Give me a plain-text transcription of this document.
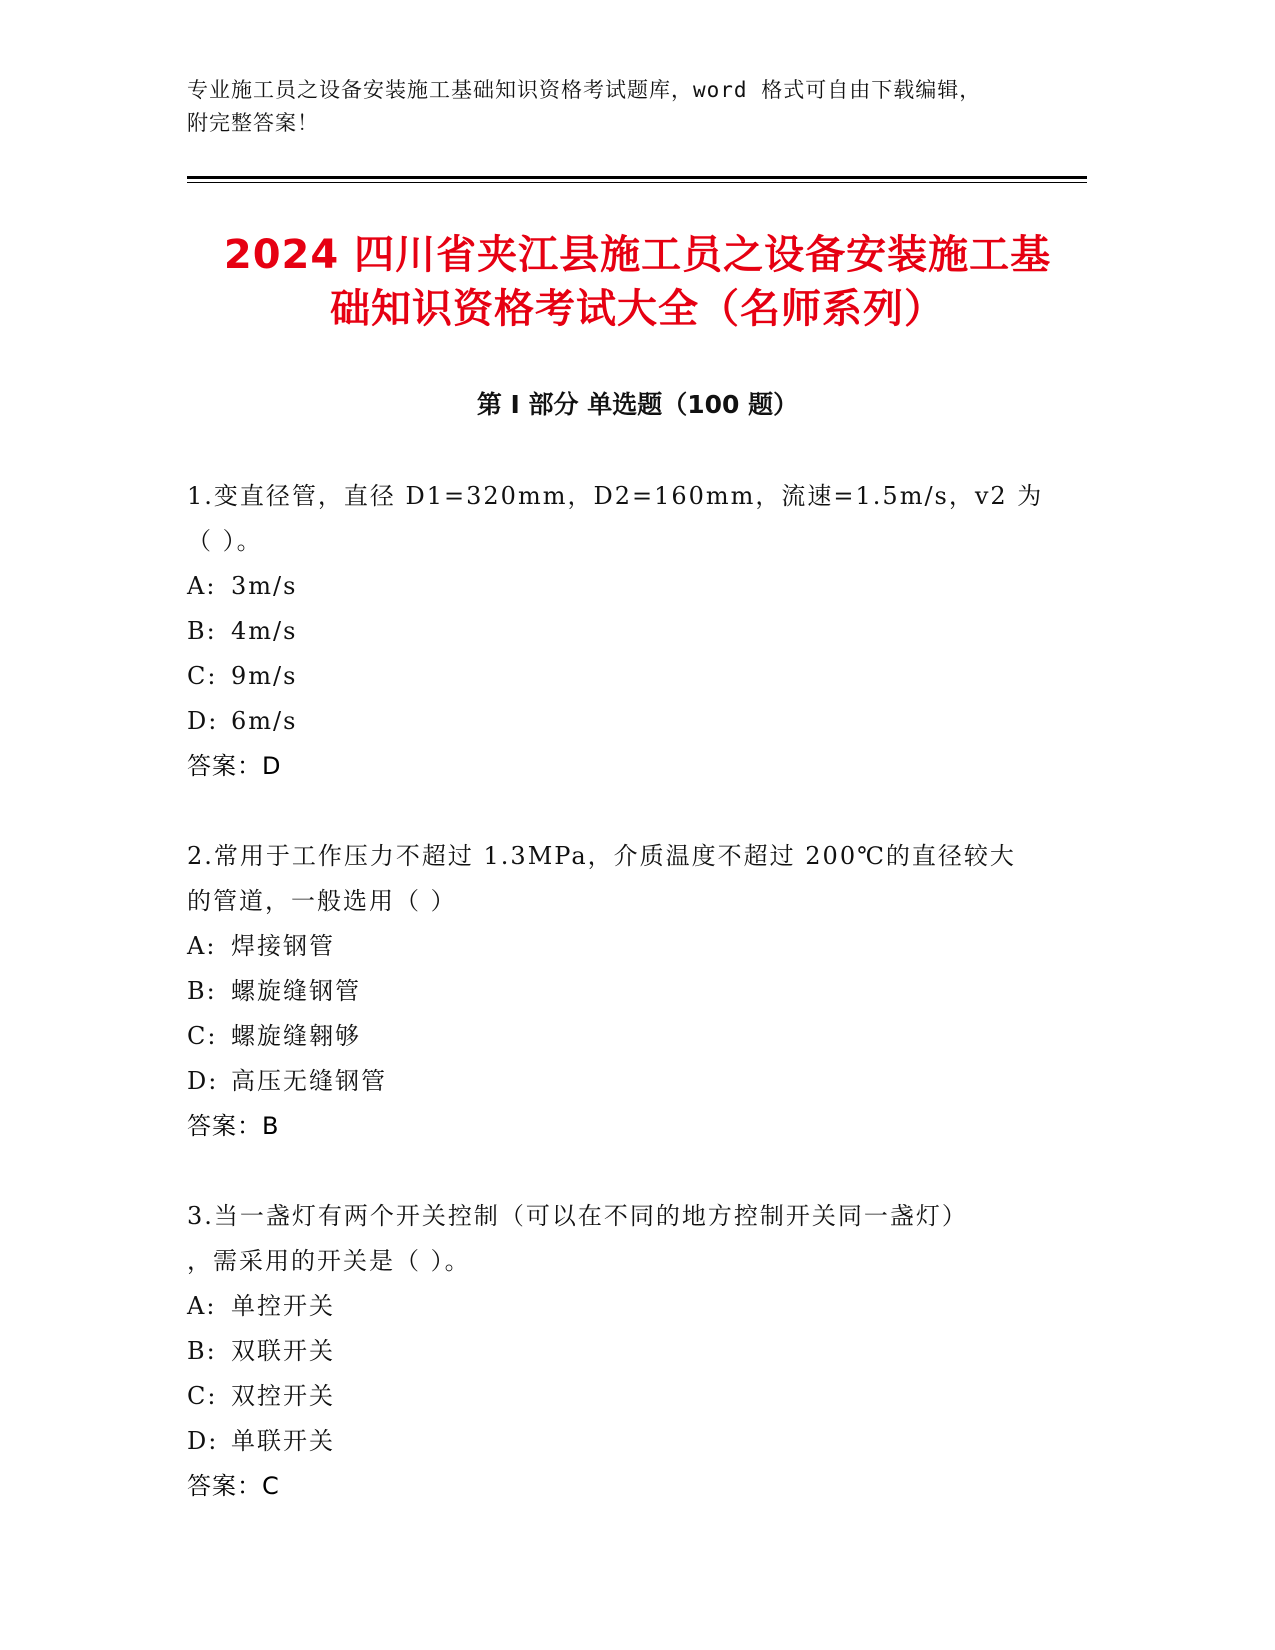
专业施工员之设备安装施工基础知识资格考试题库，word 格式可自由下载编辑，
附完整答案！
2024 四川省夹江县施工员之设备安装施工基
础知识资格考试大全（名师系列）
第 I 部分 单选题（100 题）
1.变直径管，直径 D1=320mm，D2=160mm，流速=1.5m/s，v2 为（ ）。
A: 3m/s
B: 4m/s
C: 9m/s
D: 6m/s
答案：D
2.常用于工作压力不超过 1.3MPa，介质温度不超过 200℃的直径较大
的管道，一般选用（ ）
A: 焊接钢管
B: 螺旋缝钢管
C: 螺旋缝翱够
D: 高压无缝钢管
答案：B
3.当一盏灯有两个开关控制（可以在不同的地方控制开关同一盏灯）
，需采用的开关是（ ）。
A: 单控开关
B: 双联开关
C: 双控开关
D: 单联开关
答案：C
